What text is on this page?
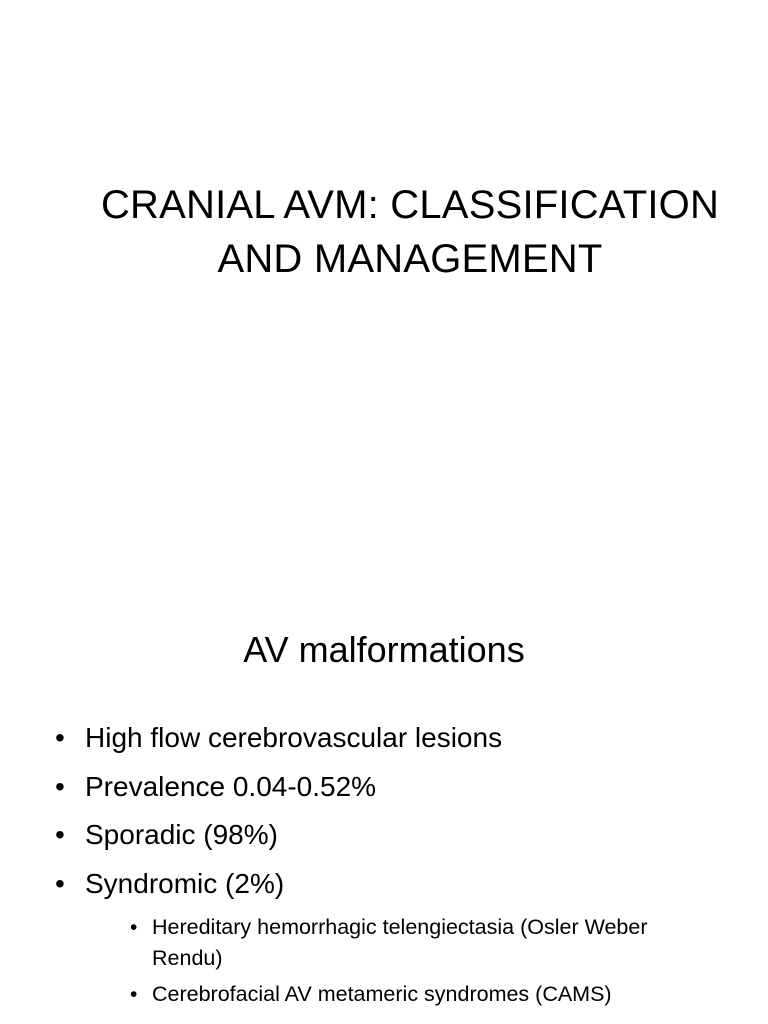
CRANIAL AVM: CLASSIFICATION
AND MANAGEMENT
AV malformations
• High flow cerebrovascular lesions
• Prevalence 0.04-0.52%
• Sporadic (98%)
• Syndromic (2%)
• Hereditary hemorrhagic telengiectasia (Osler Weber Rendu)
• Cerebrofacial AV metameric syndromes (CAMS)
